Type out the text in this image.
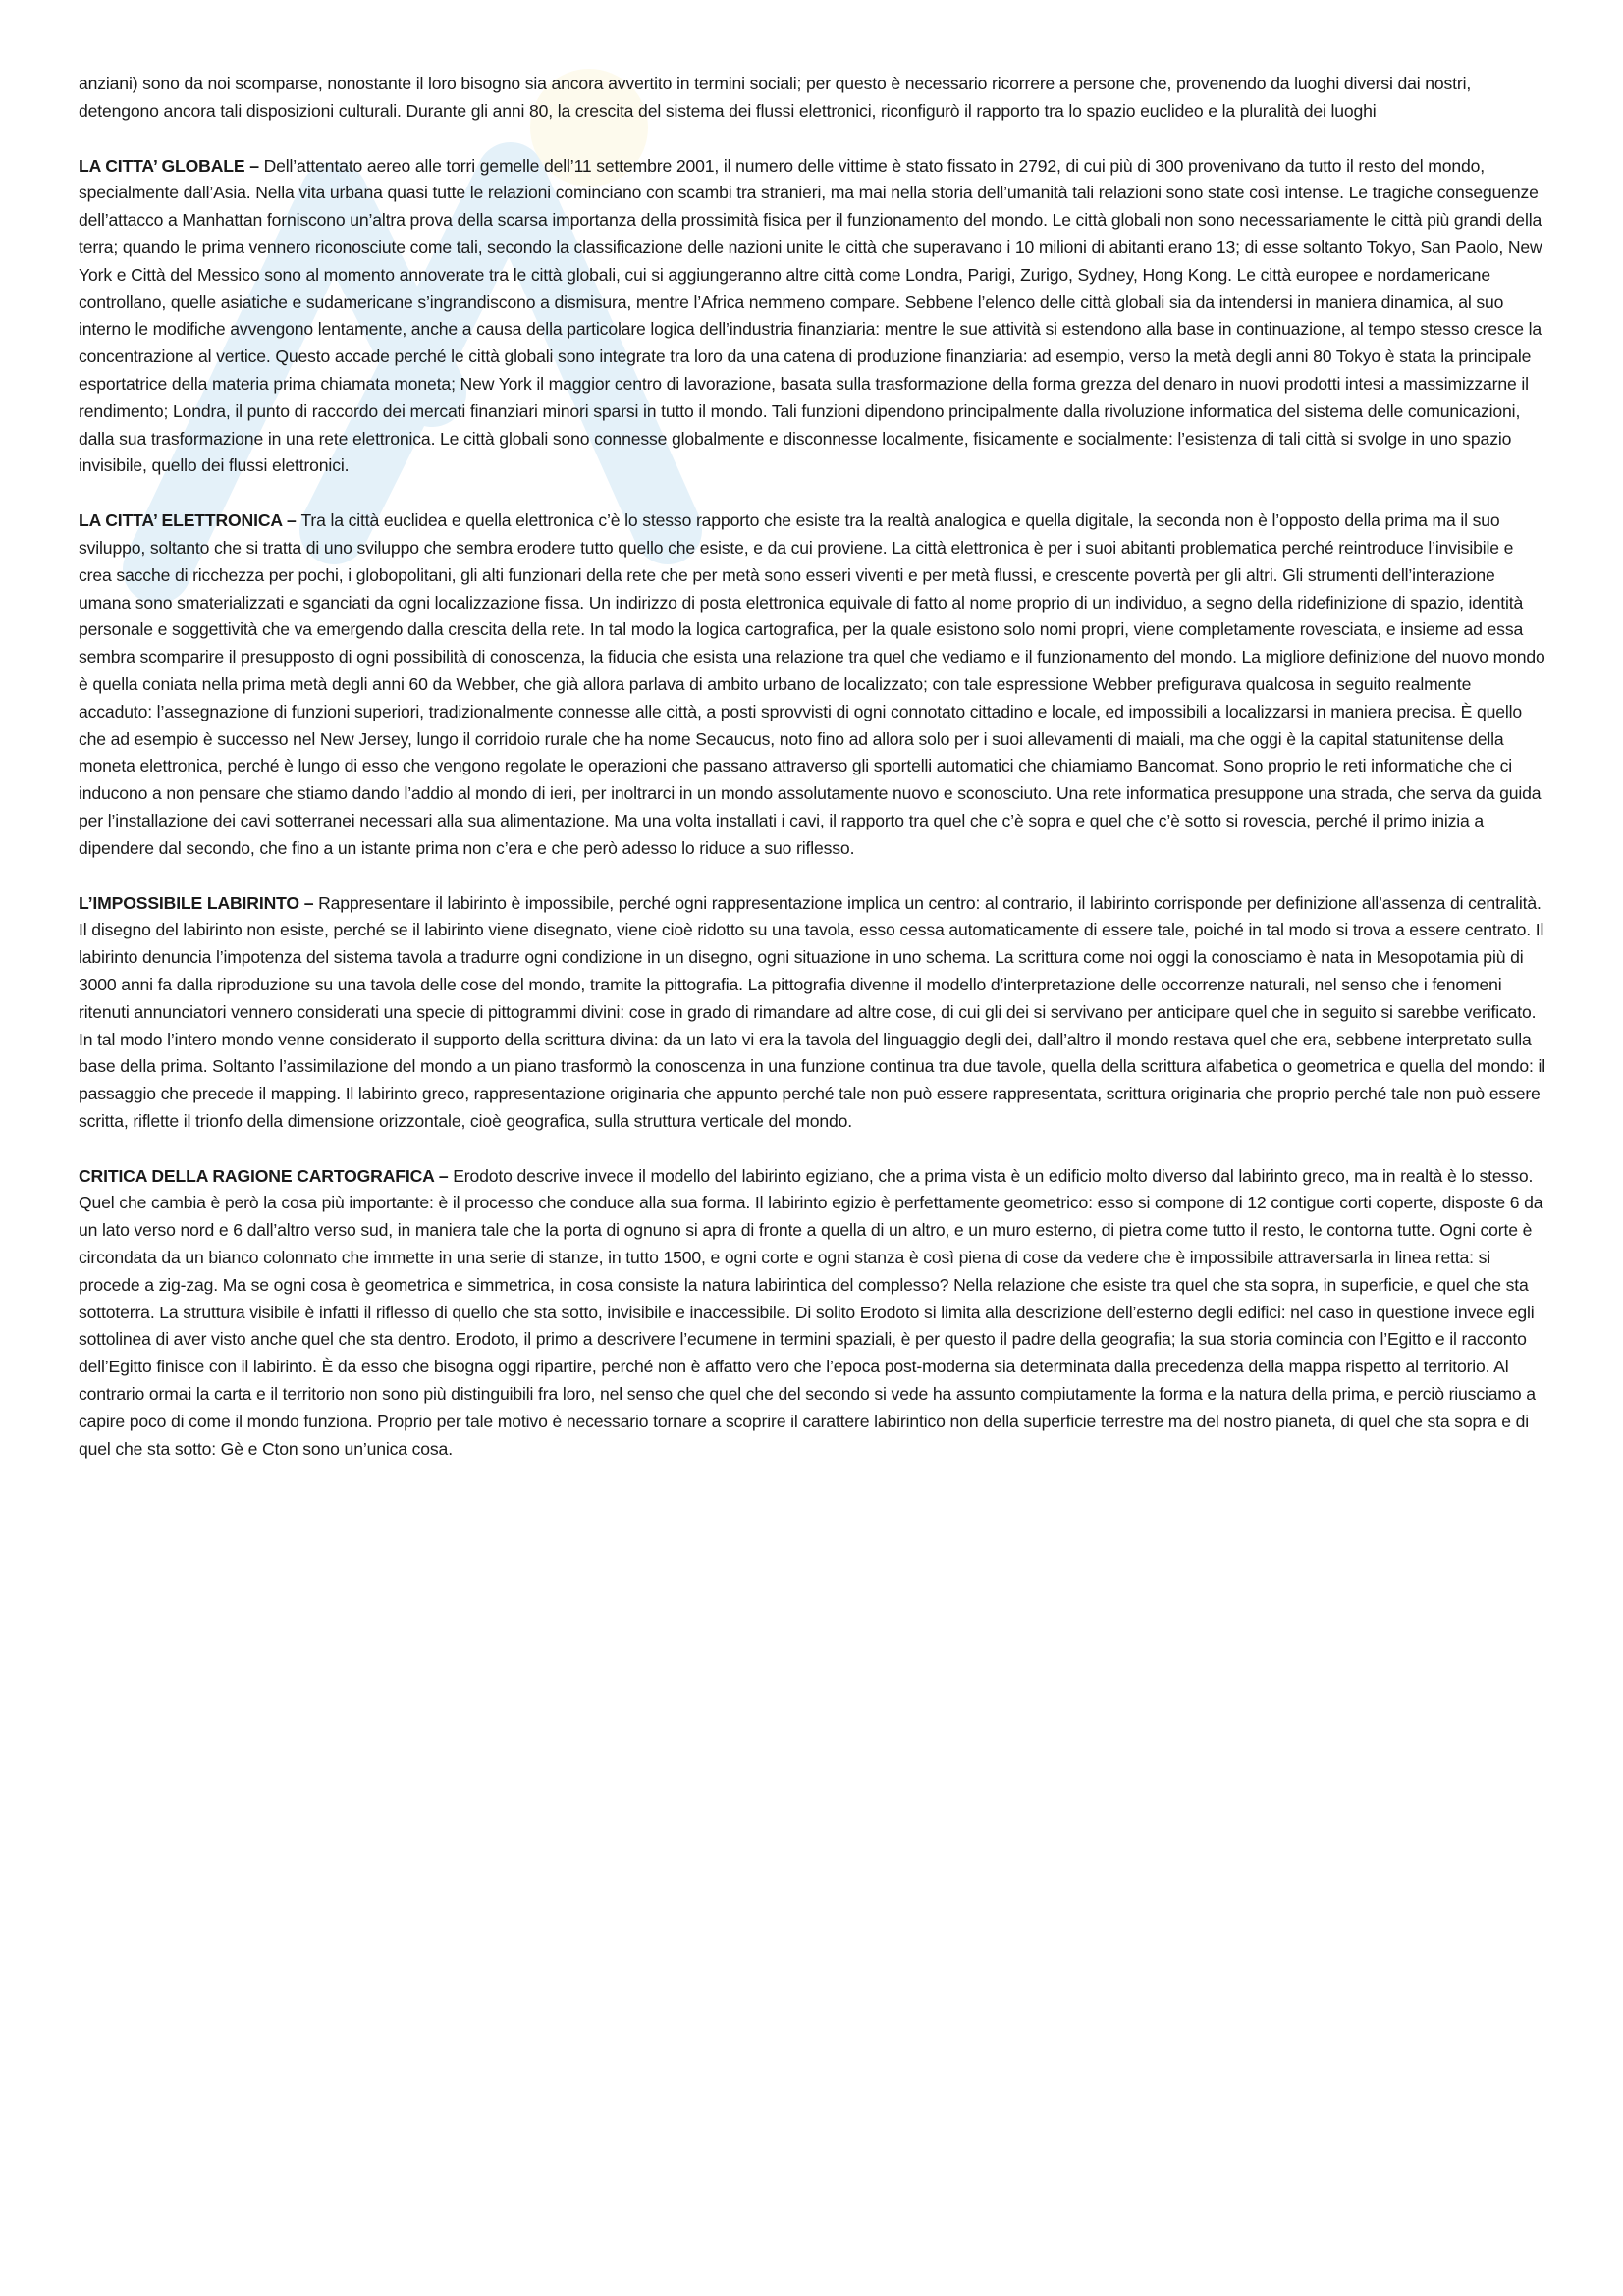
anziani) sono da noi scomparse, nonostante il loro bisogno sia ancora avvertito in termini sociali; per questo è necessario ricorrere a persone che, provenendo da luoghi diversi dai nostri, detengono ancora tali disposizioni culturali. Durante gli anni 80, la crescita del sistema dei flussi elettronici, riconfigurò il rapporto tra lo spazio euclideo e la pluralità dei luoghi

LA CITTA’ GLOBALE – Dell’attentato aereo alle torri gemelle dell’11 settembre 2001, il numero delle vittime è stato fissato in 2792, di cui più di 300 provenivano da tutto il resto del mondo, specialmente dall’Asia. Nella vita urbana quasi tutte le relazioni cominciano con scambi tra stranieri, ma mai nella storia dell’umanità tali relazioni sono state così intense. Le tragiche conseguenze dell’attacco a Manhattan forniscono un’altra prova della scarsa importanza della prossimità fisica per il funzionamento del mondo. Le città globali non sono necessariamente le città più grandi della terra; quando le prima vennero riconosciute come tali, secondo la classificazione delle nazioni unite le città che superavano i 10 milioni di abitanti erano 13; di esse soltanto Tokyo, San Paolo, New York e Città del Messico sono al momento annoverate tra le città globali, cui si aggiungeranno altre città come Londra, Parigi, Zurigo, Sydney, Hong Kong. Le città europee e nordamericane controllano, quelle asiatiche e sudamericane s’ingrandiscono a dismisura, mentre l’Africa nemmeno compare. Sebbene l’elenco delle città globali sia da intendersi in maniera dinamica, al suo interno le modifiche avvengono lentamente, anche a causa della particolare logica dell’industria finanziaria: mentre le sue attività si estendono alla base in continuazione, al tempo stesso cresce la concentrazione al vertice. Questo accade perché le città globali sono integrate tra loro da una catena di produzione finanziaria: ad esempio, verso la metà degli anni 80 Tokyo è stata la principale esportatrice della materia prima chiamata moneta; New York il maggior centro di lavorazione, basata sulla trasformazione della forma grezza del denaro in nuovi prodotti intesi a massimizzarne il rendimento; Londra, il punto di raccordo dei mercati finanziari minori sparsi in tutto il mondo. Tali funzioni dipendono principalmente dalla rivoluzione informatica del sistema delle comunicazioni, dalla sua trasformazione in una rete elettronica. Le città globali sono connesse globalmente e disconnesse localmente, fisicamente e socialmente: l’esistenza di tali città si svolge in uno spazio invisibile, quello dei flussi elettronici.

LA CITTA’ ELETTRONICA – Tra la città euclidea e quella elettronica c’è lo stesso rapporto che esiste tra la realtà analogica e quella digitale, la seconda non è l’opposto della prima ma il suo sviluppo, soltanto che si tratta di uno sviluppo che sembra erodere tutto quello che esiste, e da cui proviene. La città elettronica è per i suoi abitanti problematica perché reintroduce l’invisibile e crea sacche di ricchezza per pochi, i globopolitani, gli alti funzionari della rete che per metà sono esseri viventi e per metà flussi, e crescente povertà per gli altri. Gli strumenti dell’interazione umana sono smaterializzati e sganciati da ogni localizzazione fissa. Un indirizzo di posta elettronica equivale di fatto al nome proprio di un individuo, a segno della ridefinizione di spazio, identità personale e soggettività che va emergendo dalla crescita della rete. In tal modo la logica cartografica, per la quale esistono solo nomi propri, viene completamente rovesciata, e insieme ad essa sembra scomparire il presupposto di ogni possibilità di conoscenza, la fiducia che esista una relazione tra quel che vediamo e il funzionamento del mondo. La migliore definizione del nuovo mondo è quella coniata nella prima metà degli anni 60 da Webber, che già allora parlava di ambito urbano de localizzato; con tale espressione Webber prefigurava qualcosa in seguito realmente accaduto: l’assegnazione di funzioni superiori, tradizionalmente connesse alle città, a posti sprovvisti di ogni connotato cittadino e locale, ed impossibili a localizzarsi in maniera precisa. È quello che ad esempio è successo nel New Jersey, lungo il corridoio rurale che ha nome Secaucus, noto fino ad allora solo per i suoi allevamenti di maiali, ma che oggi è la capital statunitense della moneta elettronica, perché è lungo di esso che vengono regolate le operazioni che passano attraverso gli sportelli automatici che chiamiamo Bancomat. Sono proprio le reti informatiche che ci inducono a non pensare che stiamo dando l’addio al mondo di ieri, per inoltrarci in un mondo assolutamente nuovo e sconosciuto. Una rete informatica presuppone una strada, che serva da guida per l’installazione dei cavi sotterranei necessari alla sua alimentazione. Ma una volta installati i cavi, il rapporto tra quel che c’è sopra e quel che c’è sotto si rovescia, perché il primo inizia a dipendere dal secondo, che fino a un istante prima non c’era e che però adesso lo riduce a suo riflesso.

L’IMPOSSIBILE LABIRINTO – Rappresentare il labirinto è impossibile, perché ogni rappresentazione implica un centro: al contrario, il labirinto corrisponde per definizione all’assenza di centralità. Il disegno del labirinto non esiste, perché se il labirinto viene disegnato, viene cioè ridotto su una tavola, esso cessa automaticamente di essere tale, poiché in tal modo si trova a essere centrato. Il labirinto denuncia l’impotenza del sistema tavola a tradurre ogni condizione in un disegno, ogni situazione in uno schema. La scrittura come noi oggi la conosciamo è nata in Mesopotamia più di 3000 anni fa dalla riproduzione su una tavola delle cose del mondo, tramite la pittografia. La pittografia divenne il modello d’interpretazione delle occorrenze naturali, nel senso che i fenomeni ritenuti annunciatori vennero considerati una specie di pittogrammi divini: cose in grado di rimandare ad altre cose, di cui gli dei si servivano per anticipare quel che in seguito si sarebbe verificato. In tal modo l’intero mondo venne considerato il supporto della scrittura divina: da un lato vi era la tavola del linguaggio degli dei, dall’altro il mondo restava quel che era, sebbene interpretato sulla base della prima. Soltanto l’assimilazione del mondo a un piano trasformò la conoscenza in una funzione continua tra due tavole, quella della scrittura alfabetica o geometrica e quella del mondo: il passaggio che precede il mapping. Il labirinto greco, rappresentazione originaria che appunto perché tale non può essere rappresentata, scrittura originaria che proprio perché tale non può essere scritta, riflette il trionfo della dimensione orizzontale, cioè geografica, sulla struttura verticale del mondo.

CRITICA DELLA RAGIONE CARTOGRAFICA – Erodoto descrive invece il modello del labirinto egiziano, che a prima vista è un edificio molto diverso dal labirinto greco, ma in realtà è lo stesso. Quel che cambia è però la cosa più importante: è il processo che conduce alla sua forma. Il labirinto egizio è perfettamente geometrico: esso si compone di 12 contigue corti coperte, disposte 6 da un lato verso nord e 6 dall’altro verso sud, in maniera tale che la porta di ognuno si apra di fronte a quella di un altro, e un muro esterno, di pietra come tutto il resto, le contorna tutte. Ogni corte è circondata da un bianco colonnato che immette in una serie di stanze, in tutto 1500, e ogni corte e ogni stanza è così piena di cose da vedere che è impossibile attraversarla in linea retta: si procede a zig-zag. Ma se ogni cosa è geometrica e simmetrica, in cosa consiste la natura labirintica del complesso? Nella relazione che esiste tra quel che sta sopra, in superficie, e quel che sta sottoterra. La struttura visibile è infatti il riflesso di quello che sta sotto, invisibile e inaccessibile. Di solito Erodoto si limita alla descrizione dell’esterno degli edifici: nel caso in questione invece egli sottolinea di aver visto anche quel che sta dentro. Erodoto, il primo a descrivere l’ecumene in termini spaziali, è per questo il padre della geografia; la sua storia comincia con l’Egitto e il racconto dell’Egitto finisce con il labirinto. È da esso che bisogna oggi ripartire, perché non è affatto vero che l’epoca post-moderna sia determinata dalla precedenza della mappa rispetto al territorio. Al contrario ormai la carta e il territorio non sono più distinguibili fra loro, nel senso che quel che del secondo si vede ha assunto compiutamente la forma e la natura della prima, e perciò riusciamo a capire poco di come il mondo funziona. Proprio per tale motivo è necessario tornare a scoprire il carattere labirintico non della superficie terrestre ma del nostro pianeta, di quel che sta sopra e di quel che sta sotto: Gè e Cton sono un’unica cosa.
